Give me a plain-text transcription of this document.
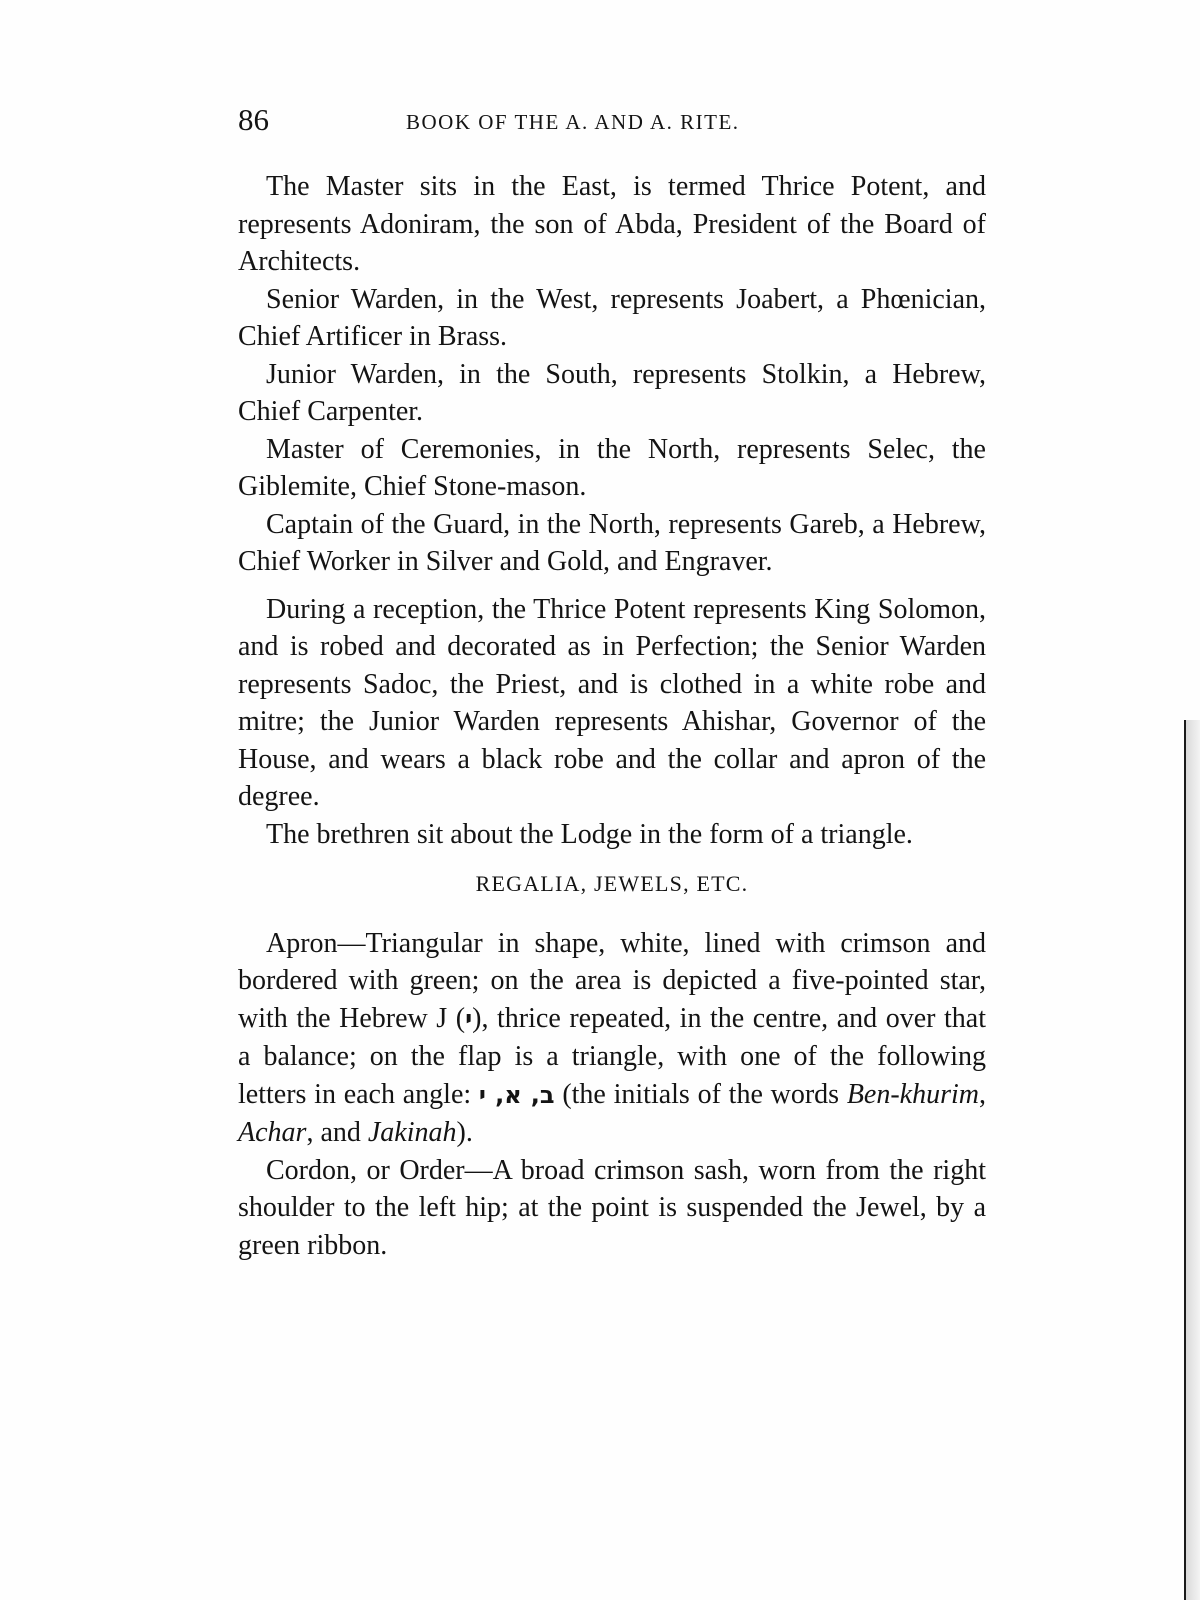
86	BOOK OF THE A. AND A. RITE.

The Master sits in the East, is termed Thrice Potent, and represents Adoniram, the son of Abda, President of the Board of Architects.

Senior Warden, in the West, represents Joabert, a Phœnician, Chief Artificer in Brass.

Junior Warden, in the South, represents Stolkin, a Hebrew, Chief Carpenter.

Master of Ceremonies, in the North, represents Selec, the Giblemite, Chief Stone-mason.

Captain of the Guard, in the North, represents Gareb, a Hebrew, Chief Worker in Silver and Gold, and Engraver.

During a reception, the Thrice Potent represents King Solomon, and is robed and decorated as in Perfection; the Senior Warden represents Sadoc, the Priest, and is clothed in a white robe and mitre; the Junior Warden represents Ahishar, Governor of the House, and wears a black robe and the collar and apron of the degree.

The brethren sit about the Lodge in the form of a triangle.

REGALIA, JEWELS, ETC.

Apron—Triangular in shape, white, lined with crimson and bordered with green; on the area is depicted a five-pointed star, with the Hebrew J (י), thrice repeated, in the centre, and over that a balance; on the flap is a triangle, with one of the following letters in each angle: ב, א, י (the initials of the words Ben-khurim, Achar, and Jakinah).

Cordon, or Order—A broad crimson sash, worn from the right shoulder to the left hip; at the point is suspended the Jewel, by a green ribbon.
